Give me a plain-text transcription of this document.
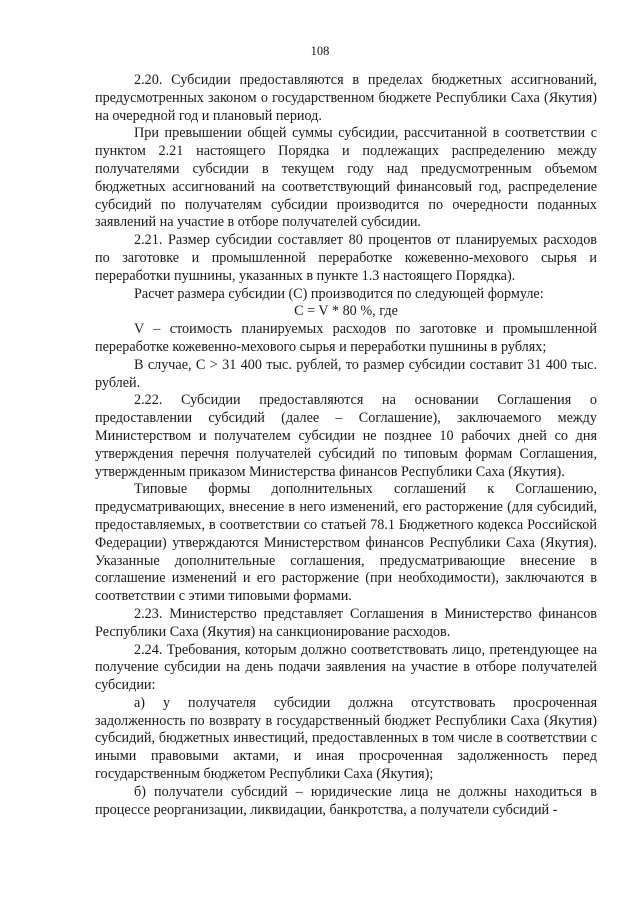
108

2.20. Субсидии предоставляются в пределах бюджетных ассигнований, предусмотренных законом о государственном бюджете Республики Саха (Якутия) на очередной год и плановый период.

При превышении общей суммы субсидии, рассчитанной в соответствии с пунктом 2.21 настоящего Порядка и подлежащих распределению между получателями субсидии в текущем году над предусмотренным объемом бюджетных ассигнований на соответствующий финансовый год, распределение субсидий по получателям субсидии производится по очередности поданных заявлений на участие в отборе получателей субсидии.

2.21. Размер субсидии составляет 80 процентов от планируемых расходов по заготовке и промышленной переработке кожевенно-мехового сырья и переработки пушнины, указанных в пункте 1.3 настоящего Порядка).

Расчет размера субсидии (С) производится по следующей формуле:

C = V * 80 %, где

V – стоимость планируемых расходов по заготовке и промышленной переработке кожевенно-мехового сырья и переработки пушнины в рублях;

В случае, С > 31 400 тыс. рублей, то размер субсидии составит 31 400 тыс. рублей.

2.22. Субсидии предоставляются на основании Соглашения о предоставлении субсидий (далее – Соглашение), заключаемого между Министерством и получателем субсидии не позднее 10 рабочих дней со дня утверждения перечня получателей субсидий по типовым формам Соглашения, утвержденным приказом Министерства финансов Республики Саха (Якутия).

Типовые формы дополнительных соглашений к Соглашению, предусматривающих, внесение в него изменений, его расторжение (для субсидий, предоставляемых, в соответствии со статьей 78.1 Бюджетного кодекса Российской Федерации) утверждаются Министерством финансов Республики Саха (Якутия). Указанные дополнительные соглашения, предусматривающие внесение в соглашение изменений и его расторжение (при необходимости), заключаются в соответствии с этими типовыми формами.

2.23. Министерство представляет Соглашения в Министерство финансов Республики Саха (Якутия) на санкционирование расходов.

2.24. Требования, которым должно соответствовать лицо, претендующее на получение субсидии на день подачи заявления на участие в отборе получателей субсидии:

а) у получателя субсидии должна отсутствовать просроченная задолженность по возврату в государственный бюджет Республики Саха (Якутия) субсидий, бюджетных инвестиций, предоставленных в том числе в соответствии с иными правовыми актами, и иная просроченная задолженность перед государственным бюджетом Республики Саха (Якутия);

б) получатели субсидий – юридические лица не должны находиться в процессе реорганизации, ликвидации, банкротства, а получатели субсидий -
